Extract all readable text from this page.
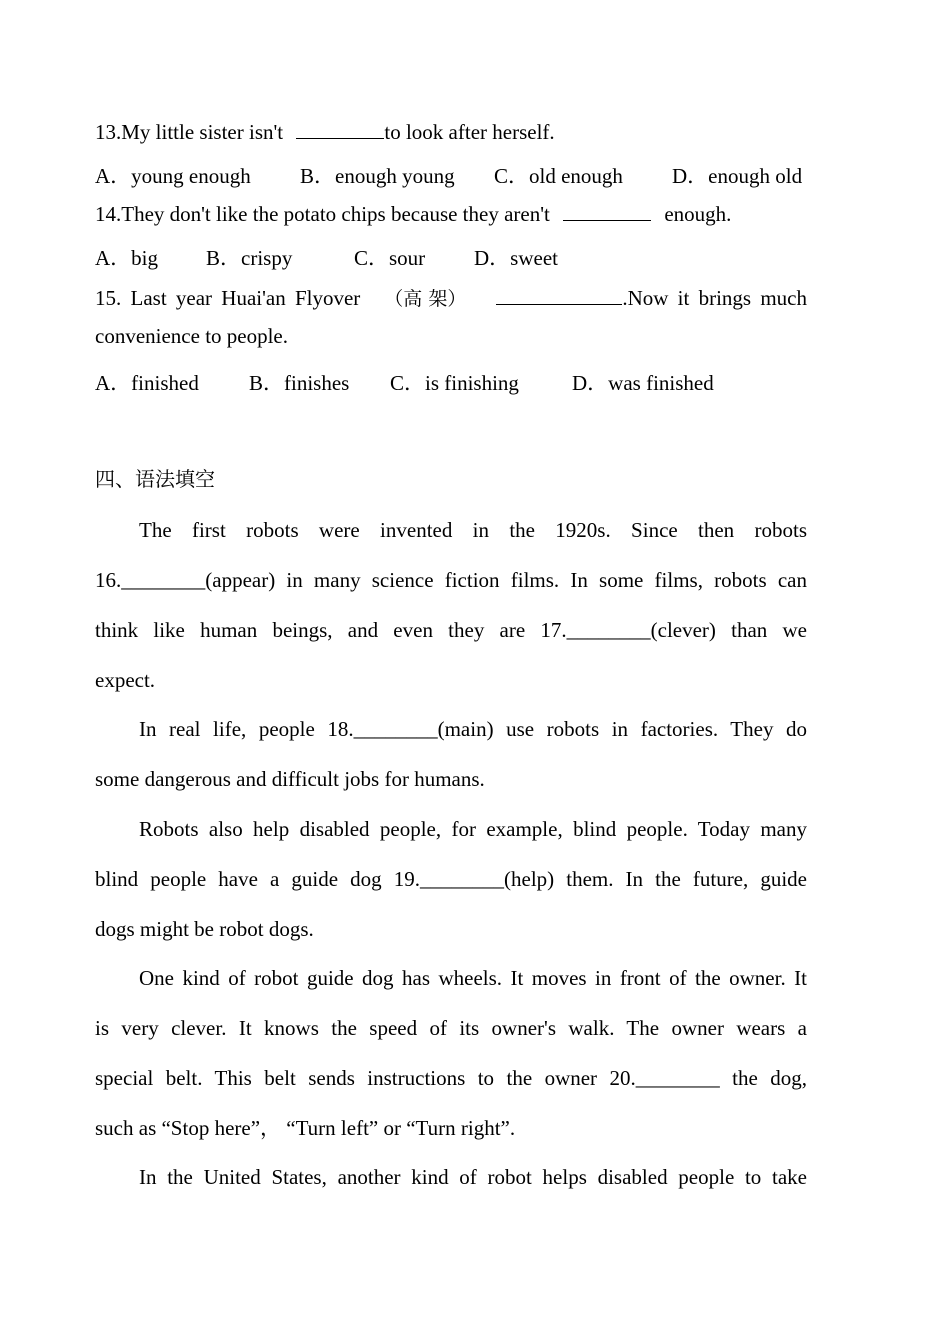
13.My little sister isn't	to look after herself.
A．young enough B．enough young C．old enough D．enough old
14.They don't like the potato chips because they aren't	enough.
A．big B．crispy	C．sour D．sweet
15. Last year Huai'an Flyover （高 架）	.Now it brings much
convenience to people.
A．finished B．finishes C．is finishing	D．was finished
四、语法填空
The first robots were invented in the 1920s. Since then robots
16.________(appear) in many science fiction films. In some films, robots can
think like human beings, and even they are 17.________(clever) than we
expect.
In real life, people 18.________(main) use robots in factories. They do
some dangerous and difficult jobs for humans.
Robots also help disabled people, for example, blind people. Today many
blind people have a guide dog 19.________(help) them. In the future, guide
dogs might be robot dogs.
One kind of robot guide dog has wheels. It moves in front of the owner. It
is very clever. It knows the speed of its owner's walk. The owner wears a
special belt. This belt sends instructions to the owner 20.________ the dog,
such as “Stop here”， “Turn left” or “Turn right”.
In the United States, another kind of robot helps disabled people to take
